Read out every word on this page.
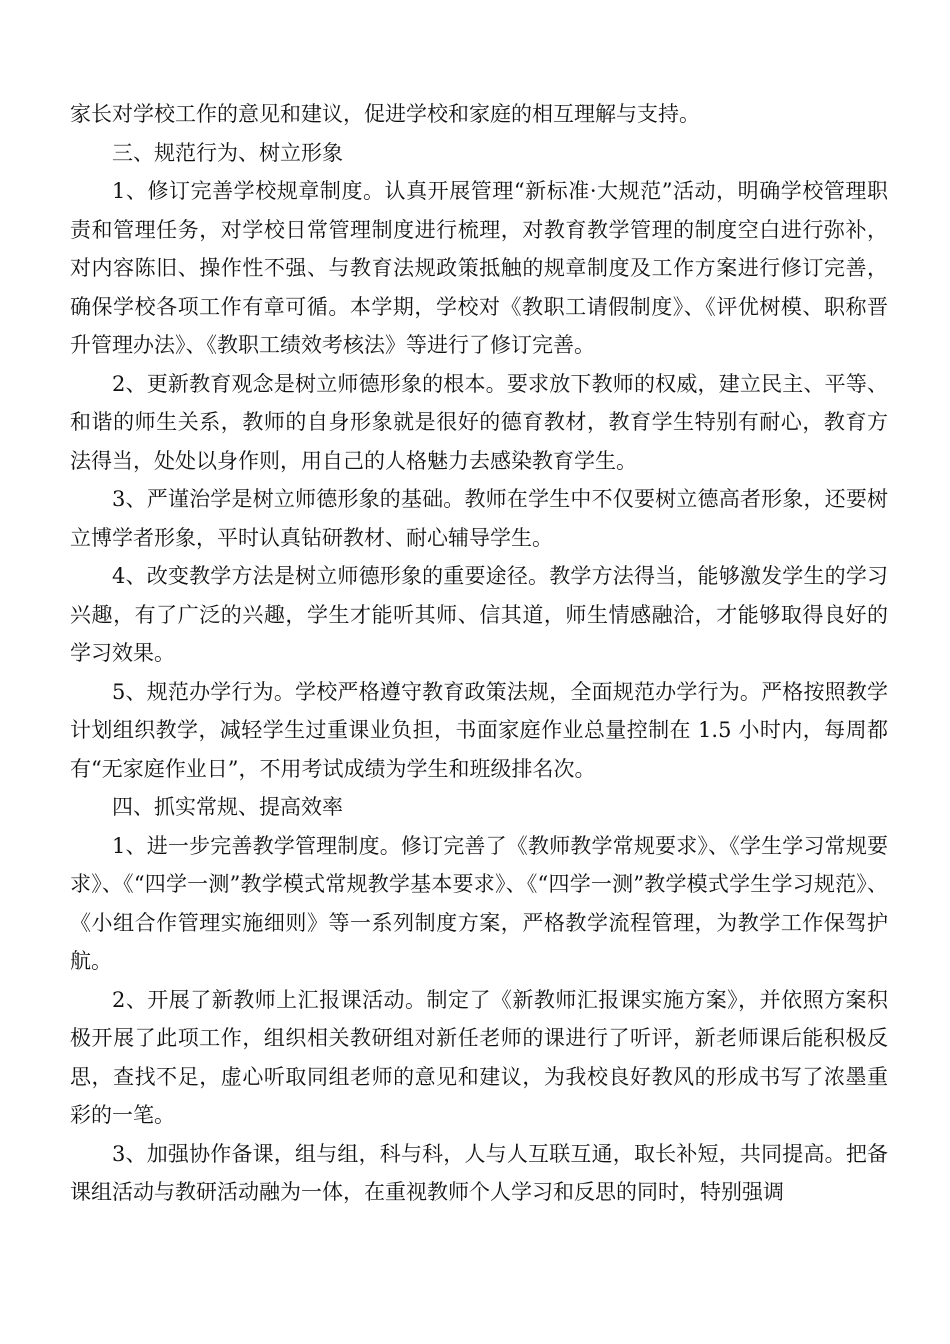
家长对学校工作的意见和建议，促进学校和家庭的相互理解与支持。

三、规范行为、树立形象

1、修订完善学校规章制度。认真开展管理“新标准·大规范”活动，明确学校管理职责和管理任务，对学校日常管理制度进行梳理，对教育教学管理的制度空白进行弥补，对内容陈旧、操作性不强、与教育法规政策抵触的规章制度及工作方案进行修订完善，确保学校各项工作有章可循。本学期，学校对《教职工请假制度》、《评优树模、职称晋升管理办法》、《教职工绩效考核法》等进行了修订完善。

2、更新教育观念是树立师德形象的根本。要求放下教师的权威，建立民主、平等、和谐的师生关系，教师的自身形象就是很好的德育教材，教育学生特别有耐心，教育方法得当，处处以身作则，用自己的人格魅力去感染教育学生。

3、严谨治学是树立师德形象的基础。教师在学生中不仅要树立德高者形象，还要树立博学者形象，平时认真钻研教材、耐心辅导学生。

4、改变教学方法是树立师德形象的重要途径。教学方法得当，能够激发学生的学习兴趣，有了广泛的兴趣，学生才能听其师、信其道，师生情感融洽，才能够取得良好的学习效果。

5、规范办学行为。学校严格遵守教育政策法规，全面规范办学行为。严格按照教学计划组织教学，减轻学生过重课业负担，书面家庭作业总量控制在 1.5 小时内，每周都有“无家庭作业日”，不用考试成绩为学生和班级排名次。

四、抓实常规、提高效率

1、进一步完善教学管理制度。修订完善了《教师教学常规要求》、《学生学习常规要求》、《“四学一测”教学模式常规教学基本要求》、《“四学一测”教学模式学生学习规范》、《小组合作管理实施细则》等一系列制度方案，严格教学流程管理，为教学工作保驾护航。

2、开展了新教师上汇报课活动。制定了《新教师汇报课实施方案》，并依照方案积极开展了此项工作，组织相关教研组对新任老师的课进行了听评，新老师课后能积极反思，查找不足，虚心听取同组老师的意见和建议，为我校良好教风的形成书写了浓墨重彩的一笔。

3、加强协作备课，组与组，科与科，人与人互联互通，取长补短，共同提高。把备课组活动与教研活动融为一体，在重视教师个人学习和反思的同时，特别强调
